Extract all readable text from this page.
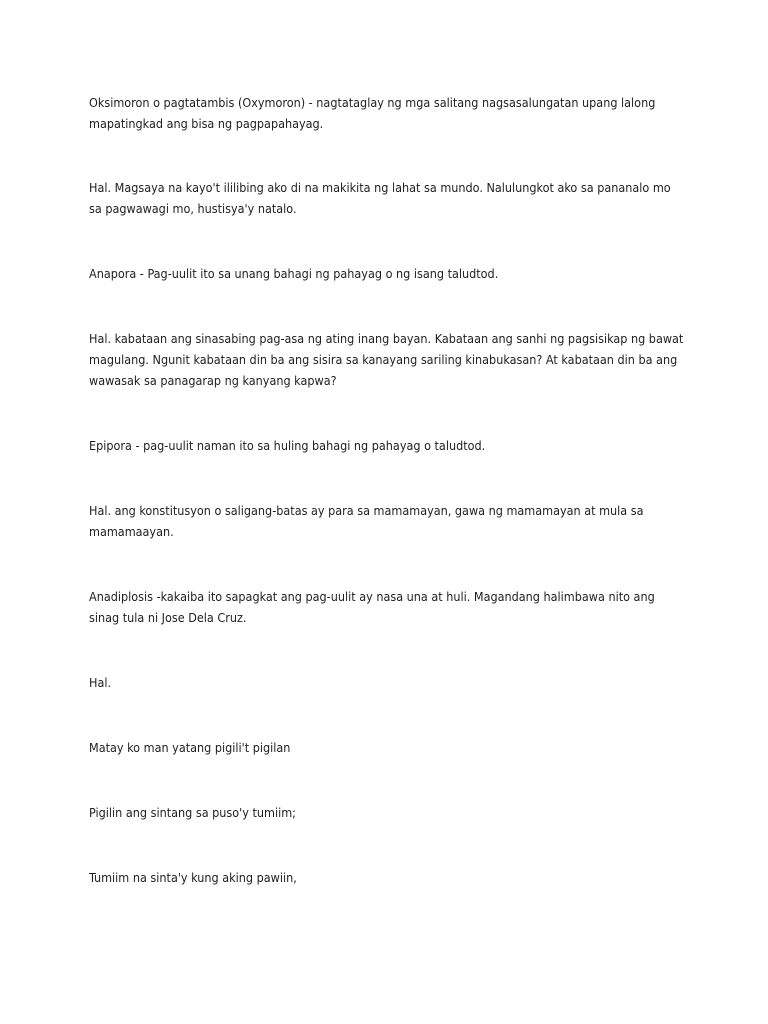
Oksimoron o pagtatambis (Oxymoron) - nagtataglay ng mga salitang nagsasalungatan upang lalong
mapatingkad ang bisa ng pagpapahayag.

Hal. Magsaya na kayo't ililibing ako di na makikita ng lahat sa mundo. Nalulungkot ako sa pananalo mo
sa pagwawagi mo, hustisya'y natalo.

Anapora - Pag-uulit ito sa unang bahagi ng pahayag o ng isang taludtod.

Hal. kabataan ang sinasabing pag-asa ng ating inang bayan. Kabataan ang sanhi ng pagsisikap ng bawat
magulang. Ngunit kabataan din ba ang sisira sa kanayang sariling kinabukasan? At kabataan din ba ang
wawasak sa panagarap ng kanyang kapwa?

Epipora - pag-uulit naman ito sa huling bahagi ng pahayag o taludtod.

Hal. ang konstitusyon o saligang-batas ay para sa mamamayan, gawa ng mamamayan at mula sa
mamamaayan.

Anadiplosis -kakaiba ito sapagkat ang pag-uulit ay nasa una at huli. Magandang halimbawa nito ang
sinag tula ni Jose Dela Cruz.

Hal.

Matay ko man yatang pigili't pigilan

Pigilin ang sintang sa puso'y tumiim;

Tumiim na sinta'y kung aking pawiin,
